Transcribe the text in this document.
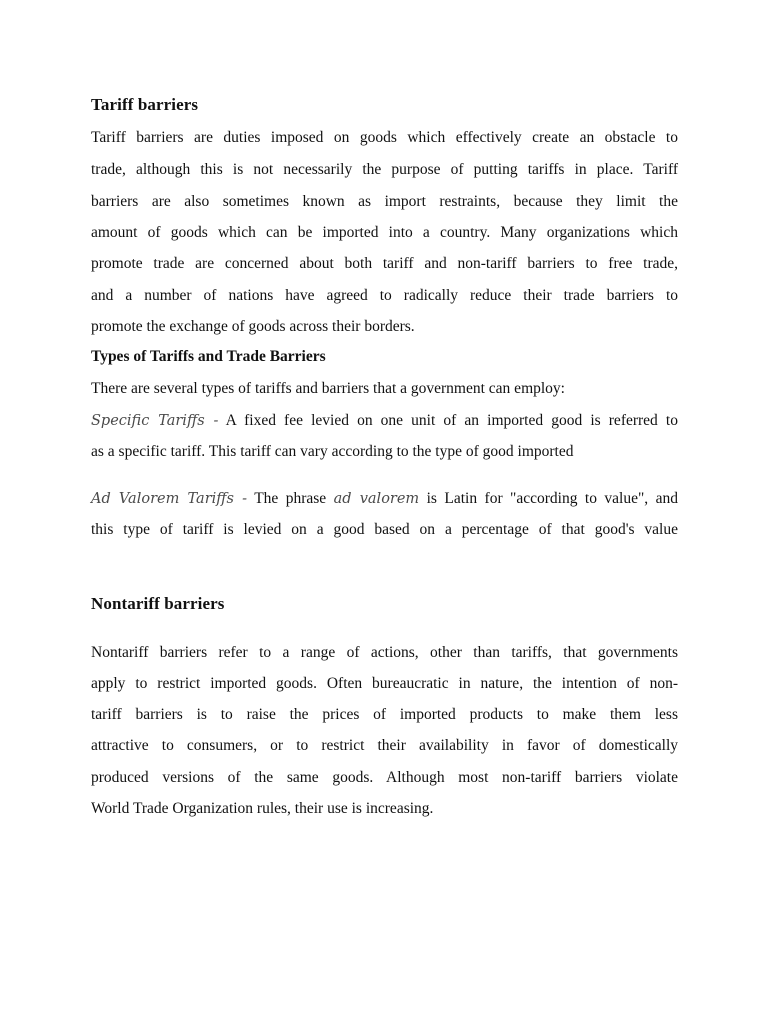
Tariff barriers
Tariff barriers are duties imposed on goods which effectively create an obstacle to
trade, although this is not necessarily the purpose of putting tariffs in place. Tariff
barriers are also sometimes known as import restraints, because they limit the
amount of goods which can be imported into a country. Many organizations which
promote trade are concerned about both tariff and non-tariff barriers to free trade,
and a number of nations have agreed to radically reduce their trade barriers to
promote the exchange of goods across their borders.
Types of Tariffs and Trade Barriers
There are several types of tariffs and barriers that a government can employ:
Specific Tariffs - A fixed fee levied on one unit of an imported good is referred to
as a specific tariff. This tariff can vary according to the type of good imported
Ad Valorem Tariffs - The phrase ad valorem is Latin for "according to value", and
this type of tariff is levied on a good based on a percentage of that good's value
Nontariff barriers
Nontariff barriers refer to a range of actions, other than tariffs, that governments
apply to restrict imported goods. Often bureaucratic in nature, the intention of non-
tariff barriers is to raise the prices of imported products to make them less
attractive to consumers, or to restrict their availability in favor of domestically
produced versions of the same goods. Although most non-tariff barriers violate
World Trade Organization rules, their use is increasing.
